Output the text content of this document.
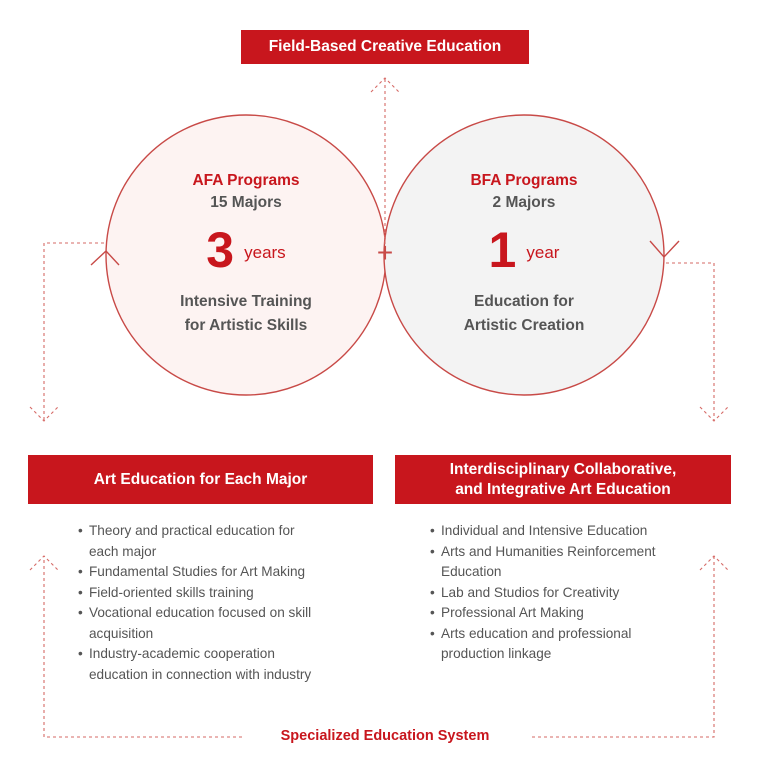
+
Field-Based Creative Education
AFA Programs
15 Majors
3 years
Intensive Training
for Artistic Skills
BFA Programs
2 Majors
1 year
Education for
Artistic Creation
Art Education for Each Major
• Theory and practical education for
each major
• Fundamental Studies for Art Making
• Field-oriented skills training
• Vocational education focused on skill
acquisition
• Industry-academic cooperation
education in connection with industry
Interdisciplinary Collaborative,
and Integrative Art Education
• Individual and Intensive Education
• Arts and Humanities Reinforcement
Education
• Lab and Studios for Creativity
• Professional Art Making
• Arts education and professional
production linkage
Specialized Education System
